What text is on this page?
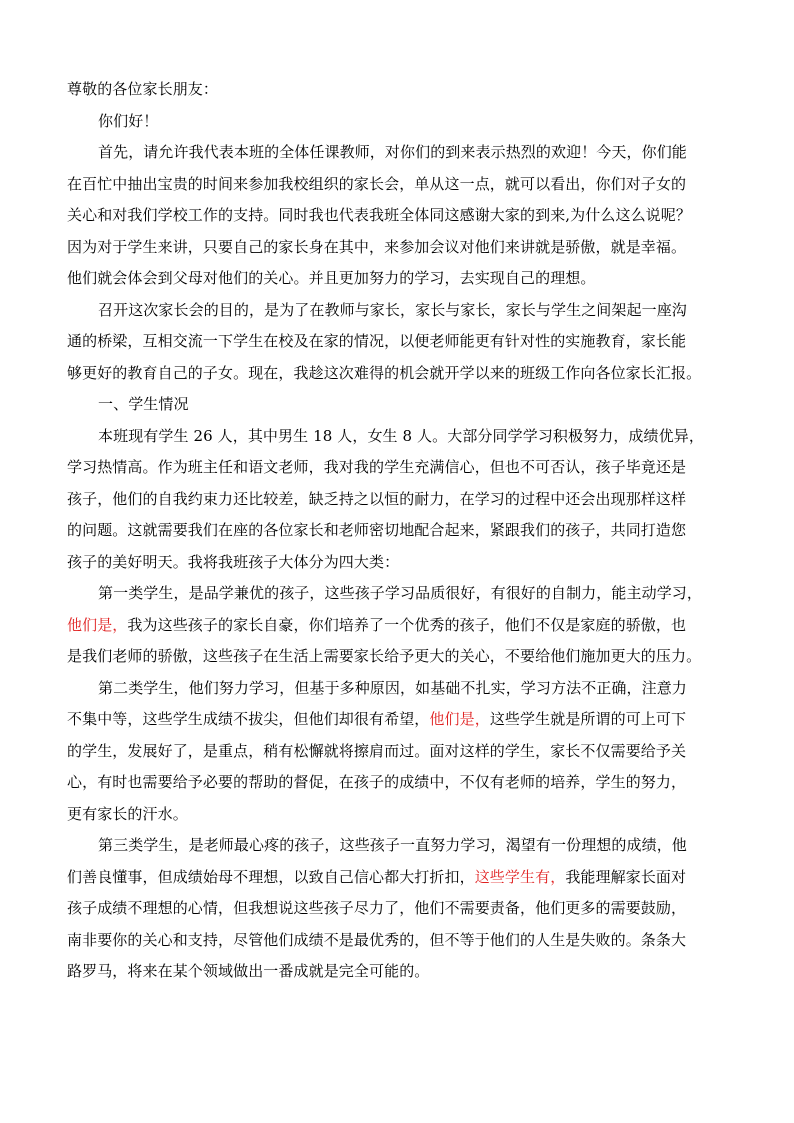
尊敬的各位家长朋友：
你们好！
首先，请允许我代表本班的全体任课教师，对你们的到来表示热烈的欢迎！今天，你们能
在百忙中抽出宝贵的时间来参加我校组织的家长会，单从这一点，就可以看出，你们对子女的
关心和对我们学校工作的支持。同时我也代表我班全体同这感谢大家的到来,为什么这么说呢？
因为对于学生来讲，只要自己的家长身在其中，来参加会议对他们来讲就是骄傲，就是幸福。
他们就会体会到父母对他们的关心。并且更加努力的学习，去实现自己的理想。
召开这次家长会的目的，是为了在教师与家长，家长与家长，家长与学生之间架起一座沟
通的桥梁，互相交流一下学生在校及在家的情况，以便老师能更有针对性的实施教育，家长能
够更好的教育自己的子女。现在，我趁这次难得的机会就开学以来的班级工作向各位家长汇报。
一、学生情况
本班现有学生 26 人，其中男生 18 人，女生 8 人。大部分同学学习积极努力，成绩优异，
学习热情高。作为班主任和语文老师，我对我的学生充满信心，但也不可否认，孩子毕竟还是
孩子，他们的自我约束力还比较差，缺乏持之以恒的耐力，在学习的过程中还会出现那样这样
的问题。这就需要我们在座的各位家长和老师密切地配合起来，紧跟我们的孩子，共同打造您
孩子的美好明天。我将我班孩子大体分为四大类：
第一类学生，是品学兼优的孩子，这些孩子学习品质很好，有很好的自制力，能主动学习，
他们是，我为这些孩子的家长自豪，你们培养了一个优秀的孩子，他们不仅是家庭的骄傲，也
是我们老师的骄傲，这些孩子在生活上需要家长给予更大的关心，不要给他们施加更大的压力。
第二类学生，他们努力学习，但基于多种原因，如基础不扎实，学习方法不正确，注意力
不集中等，这些学生成绩不拔尖，但他们却很有希望，他们是，这些学生就是所谓的可上可下
的学生，发展好了，是重点，稍有松懈就将擦肩而过。面对这样的学生，家长不仅需要给予关
心，有时也需要给予必要的帮助的督促，在孩子的成绩中，不仅有老师的培养，学生的努力，
更有家长的汗水。
第三类学生，是老师最心疼的孩子，这些孩子一直努力学习，渴望有一份理想的成绩，他
们善良懂事，但成绩始母不理想，以致自己信心都大打折扣，这些学生有，我能理解家长面对
孩子成绩不理想的心情，但我想说这些孩子尽力了，他们不需要责备，他们更多的需要鼓励，
南非要你的关心和支持，尽管他们成绩不是最优秀的，但不等于他们的人生是失败的。条条大
路罗马，将来在某个领域做出一番成就是完全可能的。
